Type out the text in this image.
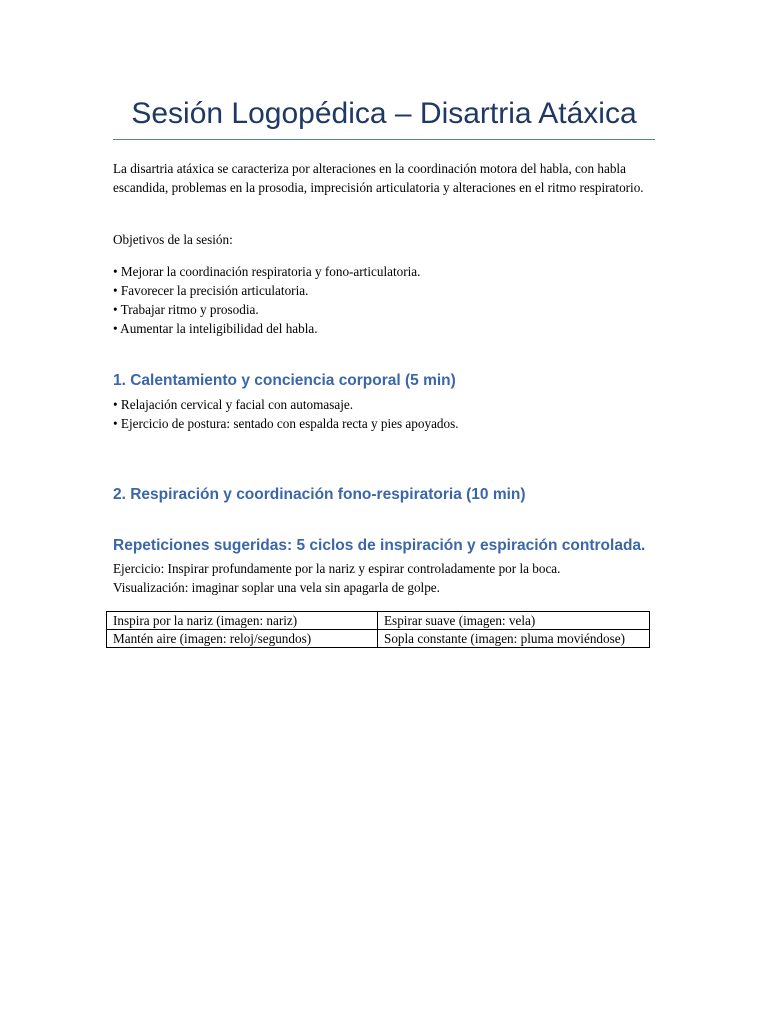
Sesión Logopédica – Disartria Atáxica

La disartria atáxica se caracteriza por alteraciones en la coordinación motora del habla, con habla escandida, problemas en la prosodia, imprecisión articulatoria y alteraciones en el ritmo respiratorio.

Objetivos de la sesión:

• Mejorar la coordinación respiratoria y fono-articulatoria.
• Favorecer la precisión articulatoria.
• Trabajar ritmo y prosodia.
• Aumentar la inteligibilidad del habla.
1. Calentamiento y conciencia corporal (5 min)
• Relajación cervical y facial con automasaje.
• Ejercicio de postura: sentado con espalda recta y pies apoyados.
2. Respiración y coordinación fono-respiratoria (10 min)
Repeticiones sugeridas: 5 ciclos de inspiración y espiración controlada.

Ejercicio: Inspirar profundamente por la nariz y espirar controladamente por la boca.

Visualización: imaginar soplar una vela sin apagarla de golpe.

Inspira por la nariz (imagen: nariz)	Espirar suave (imagen: vela)
Mantén aire (imagen: reloj/segundos)	Sopla constante (imagen: pluma moviéndose)
